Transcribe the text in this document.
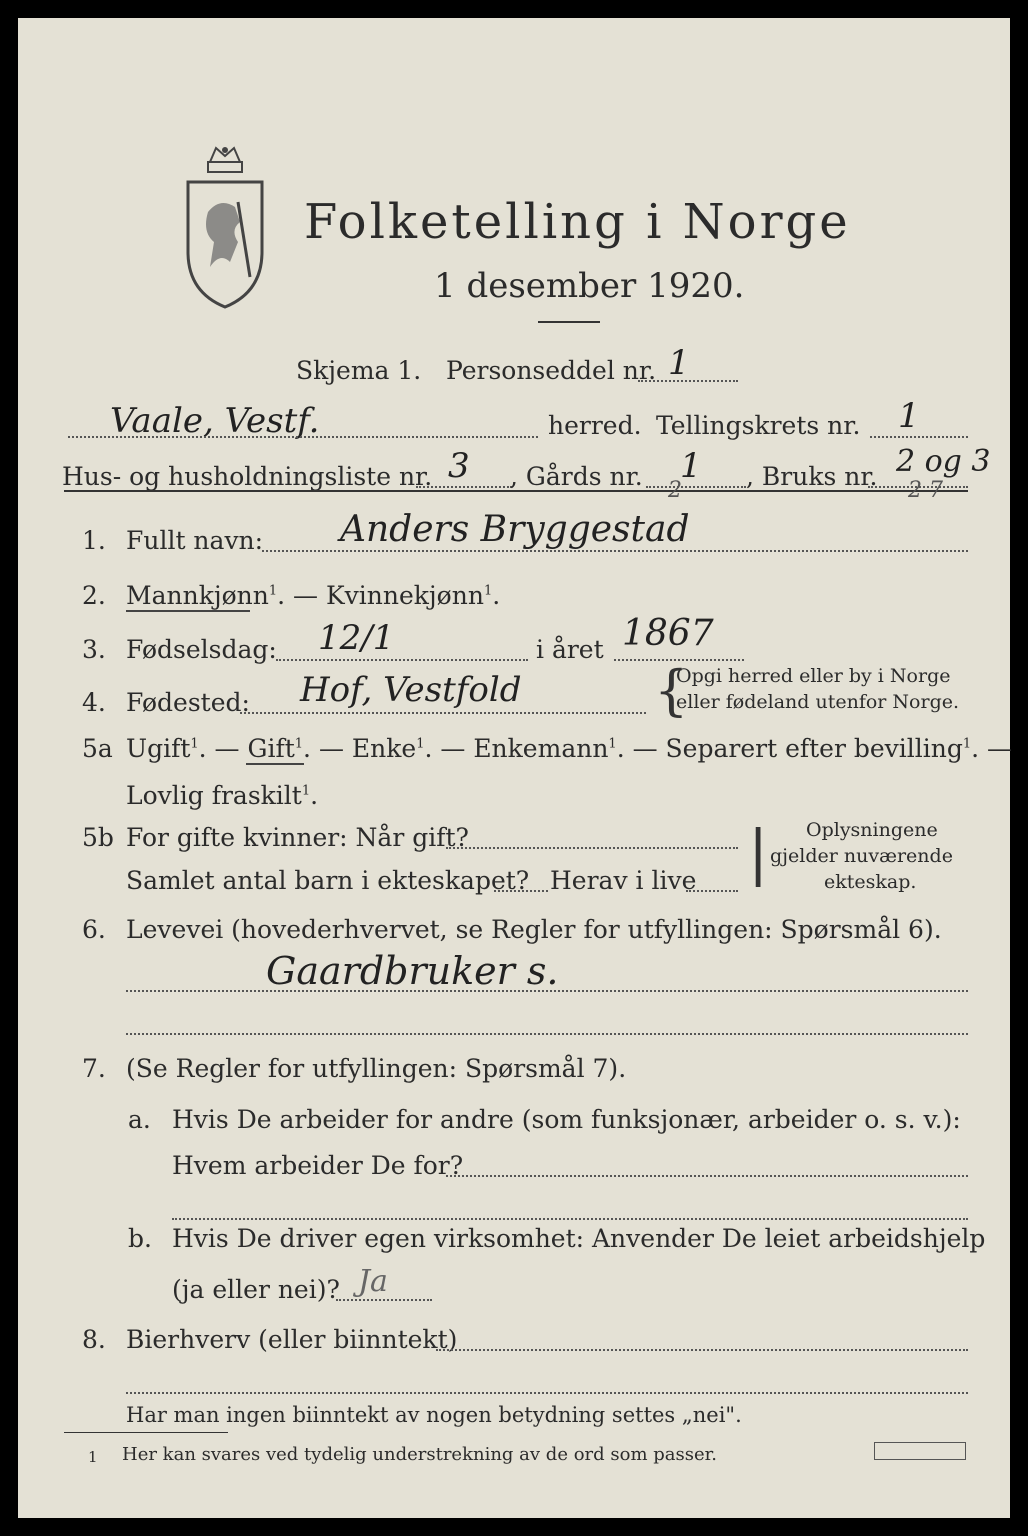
Folketelling i Norge
1 desember 1920.
Skjema 1. Personseddel nr. 1
Vaale, Vestf.	herred. Tellingskrets nr. 1
Hus- og husholdningsliste nr. 3 , Gårds nr. 1 , Bruks nr. 2 og 3
2	2 7
1. Fullt navn: Anders Bryggestad
2. Mannkjønn$^1$. — Kvinnekjønn$^1$.
3. Fødselsdag: 12/1	i året 1867
4. Fødested: Hof, Vestfold {
Opgi herred eller by i Norge
eller fødeland utenfor Norge.
5a Ugift$^1$. — Gift$^1$. — Enke$^1$. — Enkemann$^1$. — Separert efter bevilling$^1$. —
Lovlig fraskilt$^1$.
5b For gifte kvinner: Når gift?
Samlet antal barn i ekteskapet? Herav i live | Oplysningene
gjelder nuværende
ekteskap.
6. Levevei (hovederhvervet, se Regler for utfyllingen: Spørsmål 6).
Gaardbruker s.
7. (Se Regler for utfyllingen: Spørsmål 7).
a. Hvis De arbeider for andre (som funksjonær, arbeider o. s. v.):
Hvem arbeider De for?
b. Hvis De driver egen virksomhet: Anvender De leiet arbeidshjelp
(ja eller nei)? Ja
8. Bierhverv (eller biinntekt)
Har man ingen biinntekt av nogen betydning settes „nei".
1 Her kan svares ved tydelig understrekning av de ord som passer.
